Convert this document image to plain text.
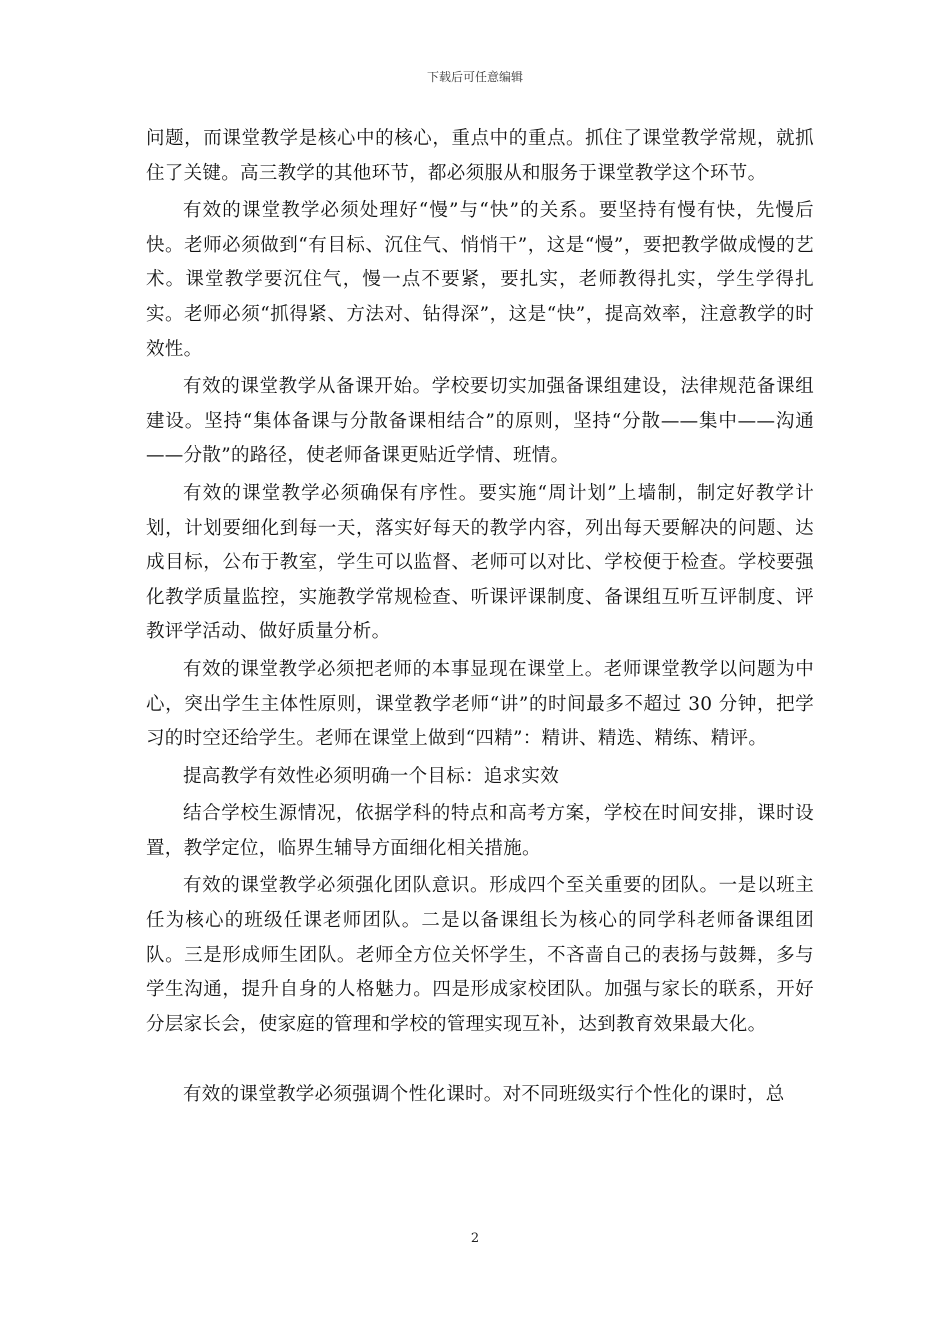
下载后可任意编辑

问题，而课堂教学是核心中的核心，重点中的重点。抓住了课堂教学常规，就抓住了关键。高三教学的其他环节，都必须服从和服务于课堂教学这个环节。

有效的课堂教学必须处理好“慢”与“快”的关系。要坚持有慢有快，先慢后快。老师必须做到“有目标、沉住气、悄悄干”，这是“慢”，要把教学做成慢的艺术。课堂教学要沉住气，慢一点不要紧，要扎实，老师教得扎实，学生学得扎实。老师必须“抓得紧、方法对、钻得深”，这是“快”，提高效率，注意教学的时效性。

有效的课堂教学从备课开始。学校要切实加强备课组建设，法律规范备课组建设。坚持“集体备课与分散备课相结合”的原则，坚持“分散——集中——沟通——分散”的路径，使老师备课更贴近学情、班情。

有效的课堂教学必须确保有序性。要实施“周计划”上墙制，制定好教学计划，计划要细化到每一天，落实好每天的教学内容，列出每天要解决的问题、达成目标，公布于教室，学生可以监督、老师可以对比、学校便于检查。学校要强化教学质量监控，实施教学常规检查、听课评课制度、备课组互听互评制度、评教评学活动、做好质量分析。

有效的课堂教学必须把老师的本事显现在课堂上。老师课堂教学以问题为中心，突出学生主体性原则，课堂教学老师“讲”的时间最多不超过 30 分钟，把学习的时空还给学生。老师在课堂上做到“四精”：精讲、精选、精练、精评。

提高教学有效性必须明确一个目标：追求实效

结合学校生源情况，依据学科的特点和高考方案，学校在时间安排，课时设置，教学定位，临界生辅导方面细化相关措施。

有效的课堂教学必须强化团队意识。形成四个至关重要的团队。一是以班主任为核心的班级任课老师团队。二是以备课组长为核心的同学科老师备课组团队。三是形成师生团队。老师全方位关怀学生，不吝啬自己的表扬与鼓舞，多与学生沟通，提升自身的人格魅力。四是形成家校团队。加强与家长的联系，开好分层家长会，使家庭的管理和学校的管理实现互补，达到教育效果最大化。

有效的课堂教学必须强调个性化课时。对不同班级实行个性化的课时，总

2
